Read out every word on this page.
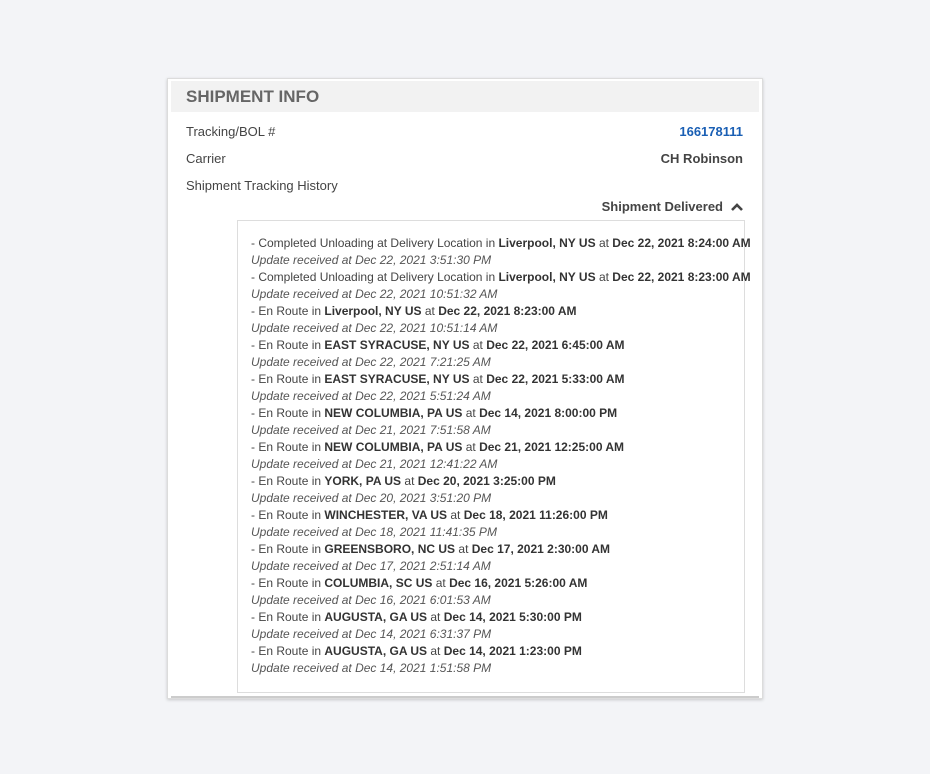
SHIPMENT INFO
Tracking/BOL #	166178111
Carrier	CH Robinson
Shipment Tracking History
Shipment Delivered
- Completed Unloading at Delivery Location in Liverpool, NY US at Dec 22, 2021 8:24:00 AM
Update received at Dec 22, 2021 3:51:30 PM
- Completed Unloading at Delivery Location in Liverpool, NY US at Dec 22, 2021 8:23:00 AM
Update received at Dec 22, 2021 10:51:32 AM
- En Route in Liverpool, NY US at Dec 22, 2021 8:23:00 AM
Update received at Dec 22, 2021 10:51:14 AM
- En Route in EAST SYRACUSE, NY US at Dec 22, 2021 6:45:00 AM
Update received at Dec 22, 2021 7:21:25 AM
- En Route in EAST SYRACUSE, NY US at Dec 22, 2021 5:33:00 AM
Update received at Dec 22, 2021 5:51:24 AM
- En Route in NEW COLUMBIA, PA US at Dec 14, 2021 8:00:00 PM
Update received at Dec 21, 2021 7:51:58 AM
- En Route in NEW COLUMBIA, PA US at Dec 21, 2021 12:25:00 AM
Update received at Dec 21, 2021 12:41:22 AM
- En Route in YORK, PA US at Dec 20, 2021 3:25:00 PM
Update received at Dec 20, 2021 3:51:20 PM
- En Route in WINCHESTER, VA US at Dec 18, 2021 11:26:00 PM
Update received at Dec 18, 2021 11:41:35 PM
- En Route in GREENSBORO, NC US at Dec 17, 2021 2:30:00 AM
Update received at Dec 17, 2021 2:51:14 AM
- En Route in COLUMBIA, SC US at Dec 16, 2021 5:26:00 AM
Update received at Dec 16, 2021 6:01:53 AM
- En Route in AUGUSTA, GA US at Dec 14, 2021 5:30:00 PM
Update received at Dec 14, 2021 6:31:37 PM
- En Route in AUGUSTA, GA US at Dec 14, 2021 1:23:00 PM
Update received at Dec 14, 2021 1:51:58 PM
